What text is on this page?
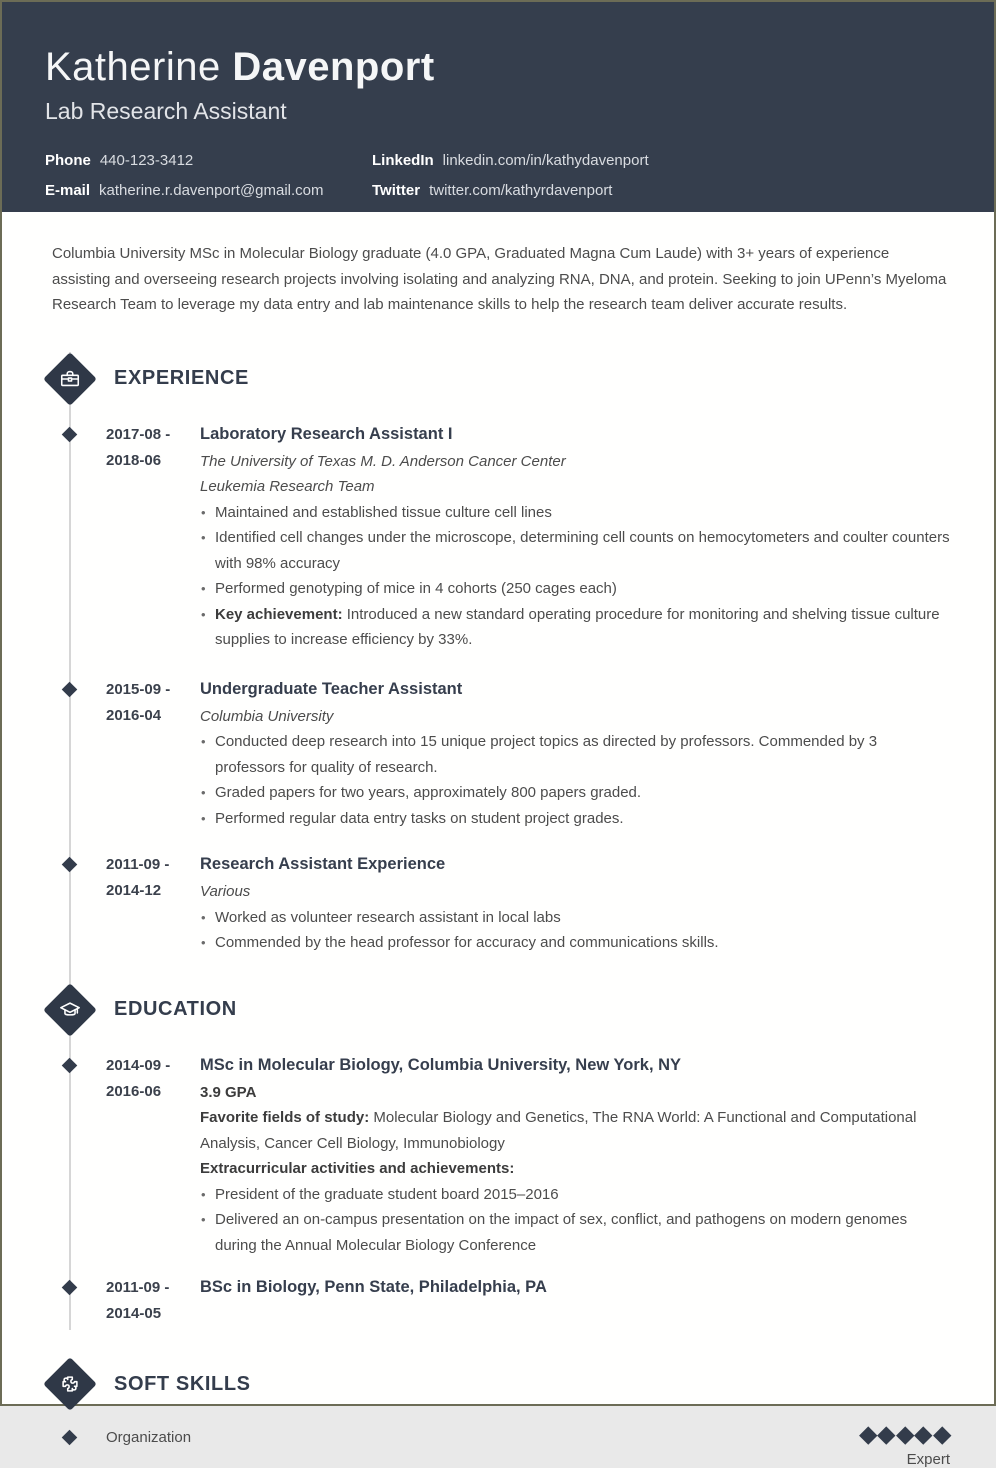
Katherine Davenport
Lab Research Assistant
Phone 440-123-3412
E-mail katherine.r.davenport@gmail.com
LinkedIn linkedin.com/in/kathydavenport
Twitter twitter.com/kathyrdavenport

Columbia University MSc in Molecular Biology graduate (4.0 GPA, Graduated Magna Cum Laude) with 3+ years of experience assisting and overseeing research projects involving isolating and analyzing RNA, DNA, and protein. Seeking to join UPenn’s Myeloma Research Team to leverage my data entry and lab maintenance skills to help the research team deliver accurate results.

EXPERIENCE
2017-08 -
2018-06
Laboratory Research Assistant I
The University of Texas M. D. Anderson Cancer Center
Leukemia Research Team
• Maintained and established tissue culture cell lines
• Identified cell changes under the microscope, determining cell counts on hemocytometers and coulter counters with 98% accuracy
• Performed genotyping of mice in 4 cohorts (250 cages each)
• Key achievement: Introduced a new standard operating procedure for monitoring and shelving tissue culture supplies to increase efficiency by 33%.
2015-09 -
2016-04
Undergraduate Teacher Assistant
Columbia University
• Conducted deep research into 15 unique project topics as directed by professors. Commended by 3 professors for quality of research.
• Graded papers for two years, approximately 800 papers graded.
• Performed regular data entry tasks on student project grades.
2011-09 -
2014-12
Research Assistant Experience
Various
• Worked as volunteer research assistant in local labs
• Commended by the head professor for accuracy and communications skills.
EDUCATION
2014-09 -
2016-06
MSc in Molecular Biology, Columbia University, New York, NY
3.9 GPA
Favorite fields of study: Molecular Biology and Genetics, The RNA World: A Functional and Computational Analysis, Cancer Cell Biology, Immunobiology
Extracurricular activities and achievements:
• President of the graduate student board 2015–2016
• Delivered an on-campus presentation on the impact of sex, conflict, and pathogens on modern genomes during the Annual Molecular Biology Conference
2011-09 -
2014-05
BSc in Biology, Penn State, Philadelphia, PA
SOFT SKILLS
Organization
Expert
